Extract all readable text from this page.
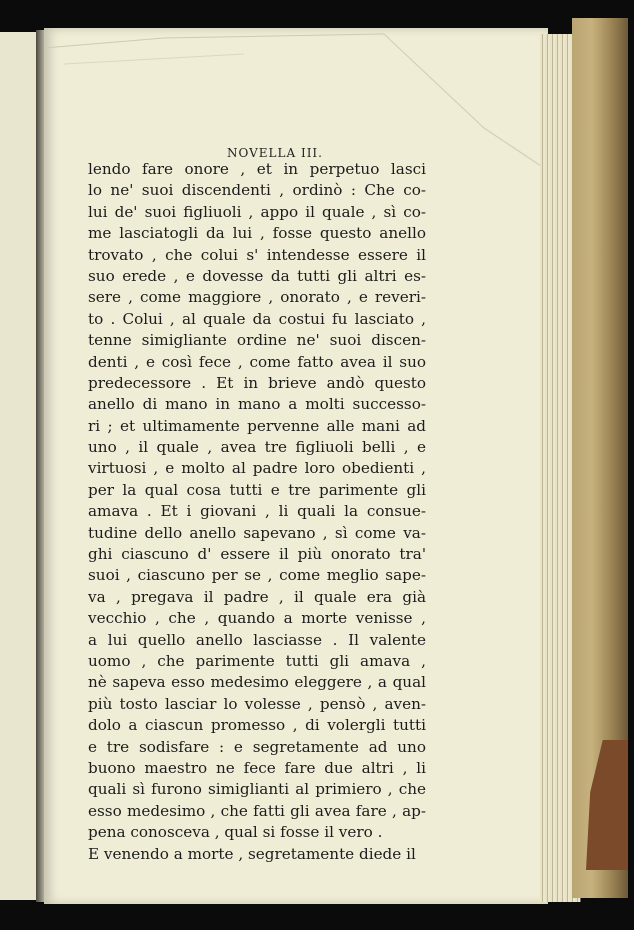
NOVELLA III.
lendo fare onore , et in perpetuo lasci
lo ne' suoi discendenti , ordinò : Che co-
lui de' suoi figliuoli , appo il quale , sì co-
me lasciatogli da lui , fosse questo anello
trovato , che colui s' intendesse essere il
suo erede , e dovesse da tutti gli altri es-
sere , come maggiore , onorato , e reveri-
to . Colui , al quale da costui fu lasciato ,
tenne simigliante ordine ne' suoi discen-
denti , e così fece , come fatto avea il suo
predecessore . Et in brieve andò questo
anello di mano in mano a molti successo-
ri ; et ultimamente pervenne alle mani ad
uno , il quale , avea tre figliuoli belli , e
virtuosi , e molto al padre loro obedienti ,
per la qual cosa tutti e tre parimente gli
amava . Et i giovani , li quali la consue-
tudine dello anello sapevano , sì come va-
ghi ciascuno d' essere il più onorato tra'
suoi , ciascuno per se , come meglio sape-
va , pregava il padre , il quale era già
vecchio , che , quando a morte venisse ,
a lui quello anello lasciasse . Il valente
uomo , che parimente tutti gli amava ,
nè sapeva esso medesimo eleggere , a qual
più tosto lasciar lo volesse , pensò , aven-
dolo a ciascun promesso , di volergli tutti
e tre sodisfare : e segretamente ad uno
buono maestro ne fece fare due altri , li
quali sì furono simiglianti al primiero , che
esso medesimo , che fatti gli avea fare , ap-
pena conosceva , qual si fosse il vero .
E venendo a morte , segretamente diede il
